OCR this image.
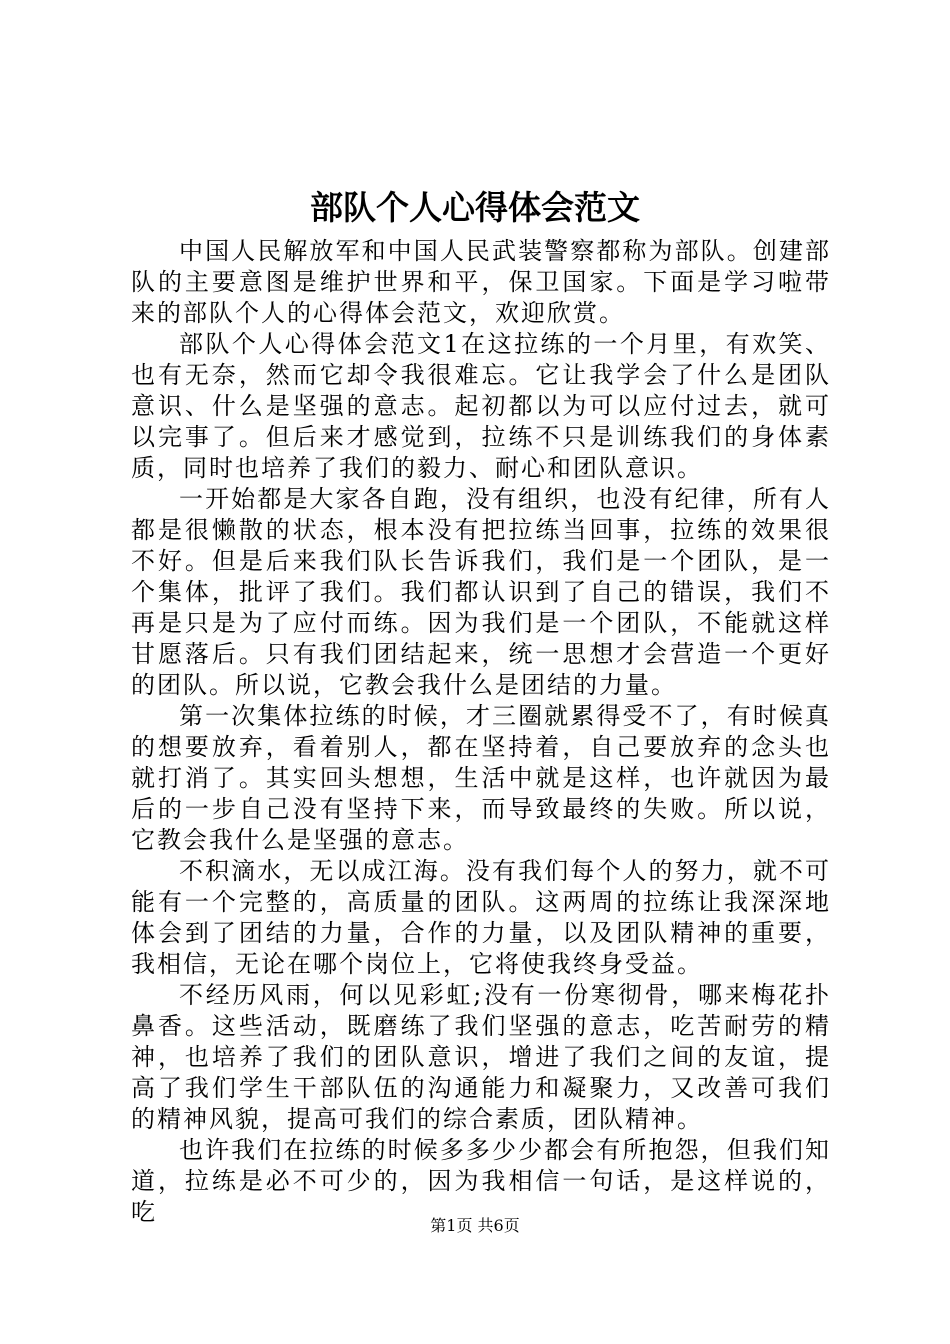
部队个人心得体会范文

中国人民解放军和中国人民武装警察都称为部队。创建部队的主要意图是维护世界和平，保卫国家。下面是学习啦带来的部队个人的心得体会范文，欢迎欣赏。

部队个人心得体会范文1在这拉练的一个月里，有欢笑、也有无奈，然而它却令我很难忘。它让我学会了什么是团队意识、什么是坚强的意志。起初都以为可以应付过去，就可以完事了。但后来才感觉到，拉练不只是训练我们的身体素质，同时也培养了我们的毅力、耐心和团队意识。

一开始都是大家各自跑，没有组织，也没有纪律，所有人都是很懒散的状态，根本没有把拉练当回事，拉练的效果很不好。但是后来我们队长告诉我们，我们是一个团队，是一个集体，批评了我们。我们都认识到了自己的错误，我们不再是只是为了应付而练。因为我们是一个团队，不能就这样甘愿落后。只有我们团结起来，统一思想才会营造一个更好的团队。所以说，它教会我什么是团结的力量。

第一次集体拉练的时候，才三圈就累得受不了，有时候真的想要放弃，看着别人，都在坚持着，自己要放弃的念头也就打消了。其实回头想想，生活中就是这样，也许就因为最后的一步自己没有坚持下来，而导致最终的失败。所以说，它教会我什么是坚强的意志。

不积滴水，无以成江海。没有我们每个人的努力，就不可能有一个完整的，高质量的团队。这两周的拉练让我深深地体会到了团结的力量，合作的力量，以及团队精神的重要，我相信，无论在哪个岗位上，它将使我终身受益。

不经历风雨，何以见彩虹;没有一份寒彻骨，哪来梅花扑鼻香。这些活动，既磨练了我们坚强的意志，吃苦耐劳的精神，也培养了我们的团队意识，增进了我们之间的友谊，提高了我们学生干部队伍的沟通能力和凝聚力，又改善可我们的精神风貌，提高可我们的综合素质，团队精神。

也许我们在拉练的时候多多少少都会有所抱怨，但我们知道，拉练是必不可少的，因为我相信一句话，是这样说的，吃	第1页 共6页
